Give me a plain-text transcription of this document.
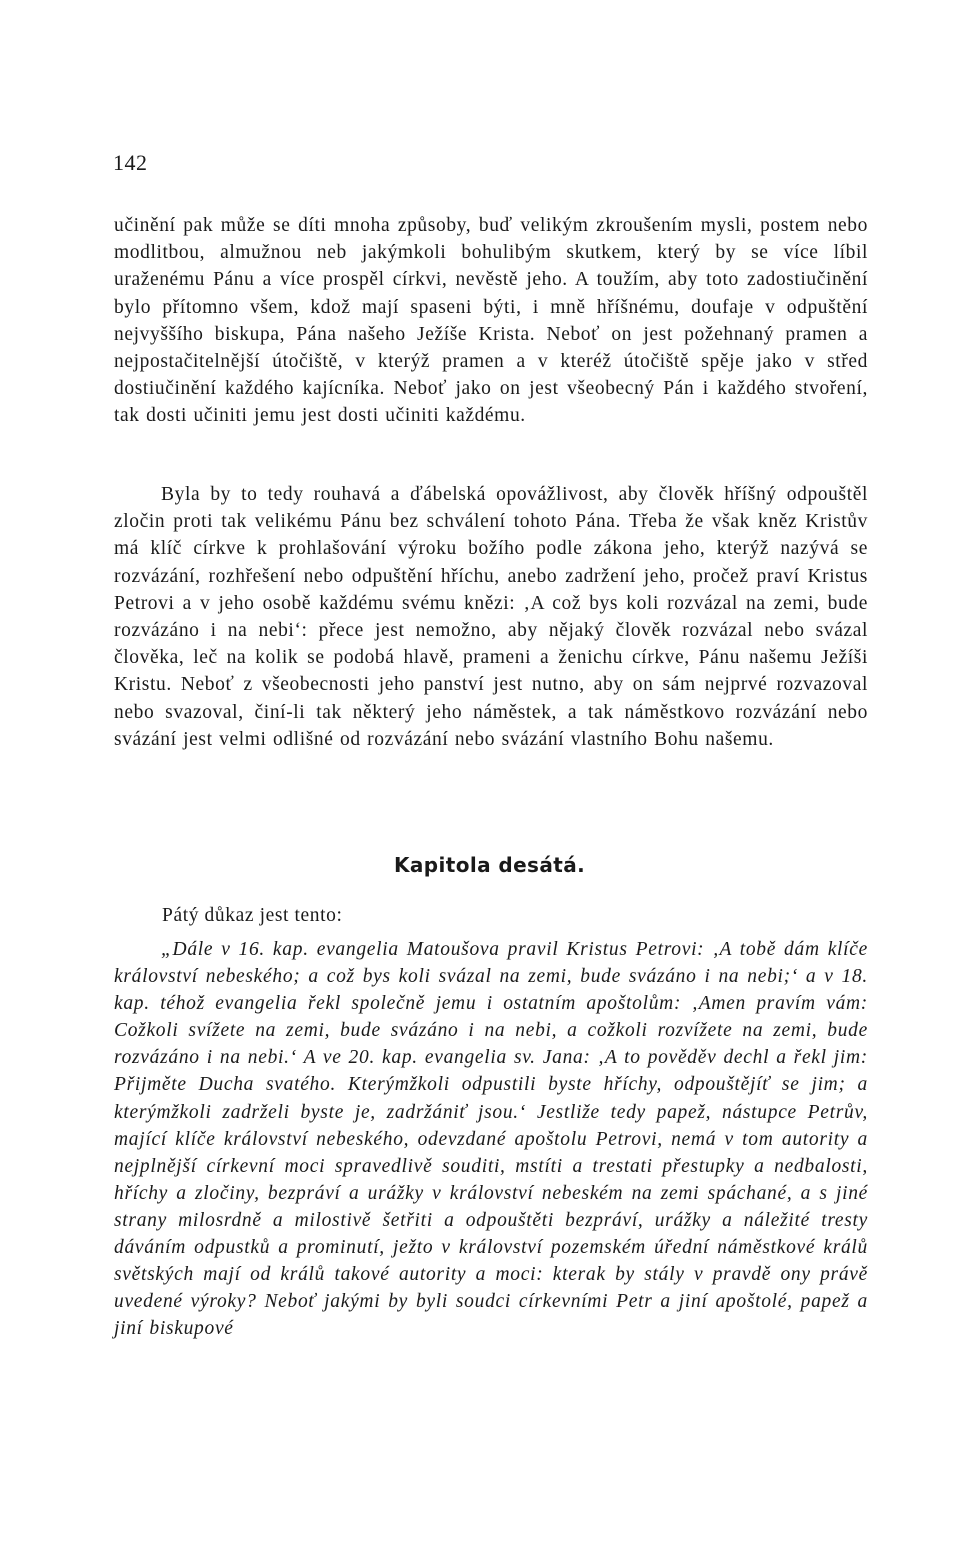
142

učinění pak může se díti mnoha způsoby, buď velikým zkroušením mysli, postem nebo modlitbou, almužnou neb jakýmkoli bohulibým skutkem, který by se více líbil uraženému Pánu a více prospěl církvi, nevěstě jeho. A toužím, aby toto zadostiučinění bylo přítomno všem, kdož mají spaseni býti, i mně hříšnému, doufaje v odpuštění nejvyššího biskupa, Pána našeho Ježíše Krista. Neboť on jest požehnaný pramen a nejpostačitelnější útočiště, v kterýž pramen a v kteréž útočiště spěje jako v střed dostiučinění každého kajícníka. Neboť jako on jest všeobecný Pán i každého stvoření, tak dosti učiniti jemu jest dosti učiniti každému.

Byla by to tedy rouhavá a ďábelská opovážlivost, aby člověk hříšný odpouštěl zločin proti tak velikému Pánu bez schválení tohoto Pána. Třeba že však kněz Kristův má klíč církve k prohlašování výroku božího podle zákona jeho, kterýž nazývá se rozvázání, rozhřešení nebo odpuštění hříchu, anebo zadržení jeho, pročež praví Kristus Petrovi a v jeho osobě každému svému knězi: ‚A což bys koli rozvázal na zemi, bude rozvázáno i na nebi‘: přece jest nemožno, aby nějaký člověk rozvázal nebo svázal člověka, leč na kolik se podobá hlavě, prameni a ženichu církve, Pánu našemu Ježíši Kristu. Neboť z všeobecnosti jeho panství jest nutno, aby on sám nejprvé rozvazoval nebo svazoval, činí-li tak některý jeho náměstek, a tak náměstkovo rozvázání nebo svázání jest velmi odlišné od rozvázání nebo svázání vlastního Bohu našemu.

Kapitola desátá.

Pátý důkaz jest tento:

„Dále v 16. kap. evangelia Matoušova pravil Kristus Petrovi: ‚A tobě dám klíče království nebeského; a což bys koli svázal na zemi, bude svázáno i na nebi;‘ a v 18. kap. téhož evangelia řekl společně jemu i ostatním apoštolům: ‚Amen pravím vám: Cožkoli svížete na zemi, bude svázáno i na nebi, a cožkoli rozvížete na zemi, bude rozvázáno i na nebi.‘ A ve 20. kap. evangelia sv. Jana: ‚A to pověděv dechl a řekl jim: Přijměte Ducha svatého. Kterýmžkoli odpustili byste hříchy, odpouštějíť se jim; a kterýmžkoli zadrželi byste je, zadržániť jsou.‘ Jestliže tedy papež, nástupce Petrův, mající klíče království nebeského, odevzdané apoštolu Petrovi, nemá v tom autority a nejplnější církevní moci spravedlivě souditi, mstíti a trestati přestupky a nedbalosti, hříchy a zločiny, bezpráví a urážky v království nebeském na zemi spáchané, a s jiné strany milosrdně a milostivě šetřiti a odpouštěti bezpráví, urážky a náležité tresty dáváním odpustků a prominutí, ježto v království pozemském úřední náměstkové králů světských mají od králů takové autority a moci: kterak by stály v pravdě ony právě uvedené výroky? Neboť jakými by byli soudci církevními Petr a jiní apoštolé, papež a jiní biskupové
